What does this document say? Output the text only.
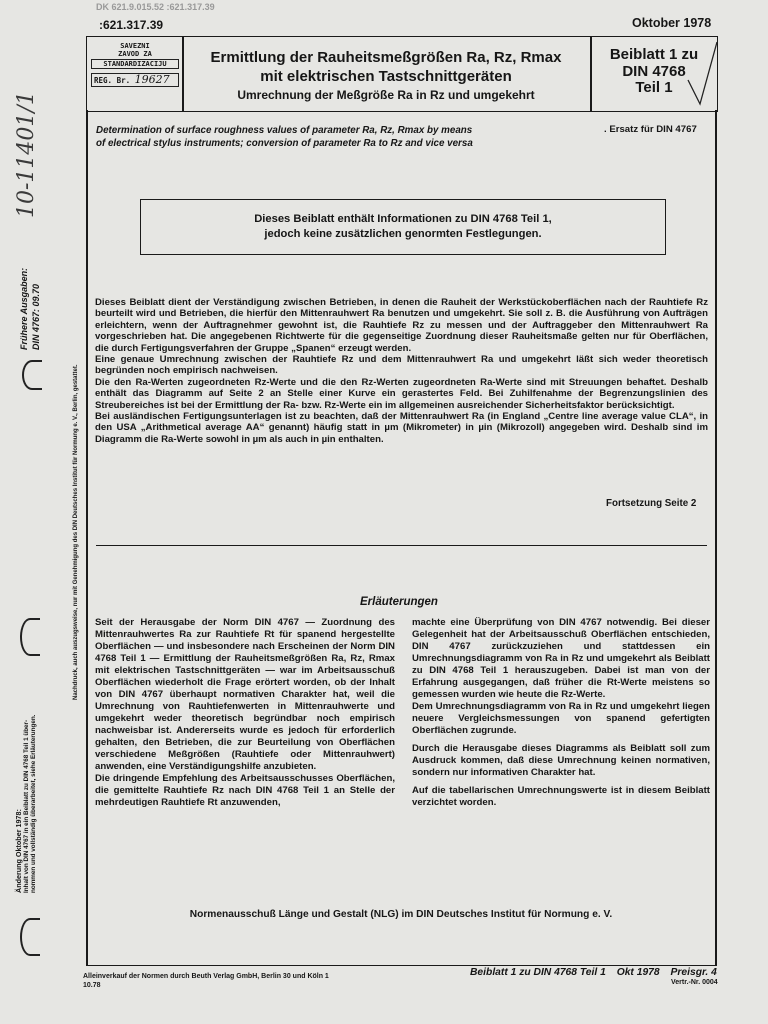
DK 621.9.015.52 :621.317.39
:621.317.39	Oktober 1978
SAVEZNI
ZAVOD ZA
STANDARDIZACIJU
REG. Br. 19627
Ermittlung der Rauheitsmeßgrößen Ra, Rz, Rmax
mit elektrischen Tastschnittgeräten
Umrechnung der Meßgröße Ra in Rz und umgekehrt
Beiblatt 1 zu
DIN 4768
Teil 1
Determination of surface roughness values of parameter Ra, Rz, Rmax by means
of electrical stylus instruments; conversion of parameter Ra to Rz and vice versa
. Ersatz für DIN 4767
Dieses Beiblatt enthält Informationen zu DIN 4768 Teil 1,
jedoch keine zusätzlichen genormten Festlegungen.

Dieses Beiblatt dient der Verständigung zwischen Betrieben, in denen die Rauheit der Werkstückoberflächen nach der Rauhtiefe Rz beurteilt wird und Betrieben, die hierfür den Mittenrauhwert Ra benutzen und umgekehrt. Sie soll z. B. die Ausführung von Aufträgen erleichtern, wenn der Auftragnehmer gewohnt ist, die Rauhtiefe Rz zu messen und der Auftraggeber den Mittenrauhwert Ra vorgeschrieben hat. Die angegebenen Richtwerte für die gegenseitige Zuordnung dieser Rauheitsmaße gelten nur für Oberflächen, die durch Fertigungsverfahren der Gruppe „Spanen“ erzeugt werden.

Eine genaue Umrechnung zwischen der Rauhtiefe Rz und dem Mittenrauhwert Ra und umgekehrt läßt sich weder theoretisch begründen noch empirisch nachweisen.

Die den Ra-Werten zugeordneten Rz-Werte und die den Rz-Werten zugeordneten Ra-Werte sind mit Streuungen behaftet. Deshalb enthält das Diagramm auf Seite 2 an Stelle einer Kurve ein gerastertes Feld. Bei Zuhilfenahme der Begrenzungslinien des Streubereiches ist bei der Ermittlung der Ra- bzw. Rz-Werte ein im allgemeinen ausreichender Sicherheitsfaktor berücksichtigt.

Bei ausländischen Fertigungsunterlagen ist zu beachten, daß der Mittenrauhwert Ra (in England „Centre line average value CLA“, in den USA „Arithmetical average AA“ genannt) häufig statt in µm (Mikrometer) in µin (Mikrozoll) angegeben wird. Deshalb sind im Diagramm die Ra-Werte sowohl in µm als auch in µin enthalten.

Fortsetzung Seite 2
Erläuterungen

Seit der Herausgabe der Norm DIN 4767 — Zuordnung des Mittenrauhwertes Ra zur Rauhtiefe Rt für spanend hergestellte Oberflächen — und insbesondere nach Erscheinen der Norm DIN 4768 Teil 1 — Ermittlung der Rauheitsmeßgrößen Ra, Rz, Rmax mit elektrischen Tastschnittgeräten — war im Arbeitsausschuß Oberflächen wiederholt die Frage erörtert worden, ob der Inhalt von DIN 4767 überhaupt normativen Charakter hat, weil die Umrechnung von Rauhtiefenwerten in Mittenrauhwerte und umgekehrt weder theoretisch begründbar noch empirisch nachweisbar ist. Andererseits wurde es jedoch für erforderlich gehalten, den Betrieben, die zur Beurteilung von Oberflächen verschiedene Meßgrößen (Rauhtiefe oder Mittenrauhwert) anwenden, eine Verständigungshilfe anzubieten.

Die dringende Empfehlung des Arbeitsausschusses Oberflächen, die gemittelte Rauhtiefe Rz nach DIN 4768 Teil 1 an Stelle der mehrdeutigen Rauhtiefe Rt anzuwenden,

machte eine Überprüfung von DIN 4767 notwendig. Bei dieser Gelegenheit hat der Arbeitsausschuß Oberflächen entschieden, DIN 4767 zurückzuziehen und stattdessen ein Umrechnungsdiagramm von Ra in Rz und umgekehrt als Beiblatt zu DIN 4768 Teil 1 herauszugeben. Dabei ist man von der Erfahrung ausgegangen, daß früher die Rt-Werte meistens so gemessen wurden wie heute die Rz-Werte.

Dem Umrechnungsdiagramm von Ra in Rz und umgekehrt liegen neuere Vergleichsmessungen von spanend gefertigten Oberflächen zugrunde.

Durch die Herausgabe dieses Diagramms als Beiblatt soll zum Ausdruck kommen, daß diese Umrechnung keinen normativen, sondern nur informativen Charakter hat.

Auf die tabellarischen Umrechnungswerte ist in diesem Beiblatt verzichtet worden.

Normenausschuß Länge und Gestalt (NLG) im DIN Deutsches Institut für Normung e. V.
Alleinverkauf der Normen durch Beuth Verlag GmbH, Berlin 30 und Köln 1
10.78
Beiblatt 1 zu DIN 4768 Teil 1 Okt 1978 Preisgr. 4
Vertr.-Nr. 0004
10-11401/1
Frühere Ausgaben: DIN 4767: 09.70
Nachdruck, auch auszugsweise, nur mit Genehmigung des DIN Deutsches Institut für Normung e. V., Berlin, gestattet.
Änderung Oktober 1978: Inhalt von DIN 4767 in ein Beiblatt zu DIN 4768 Teil 1 über- nommen und vollständig überarbeitet, siehe Erläuterungen.
